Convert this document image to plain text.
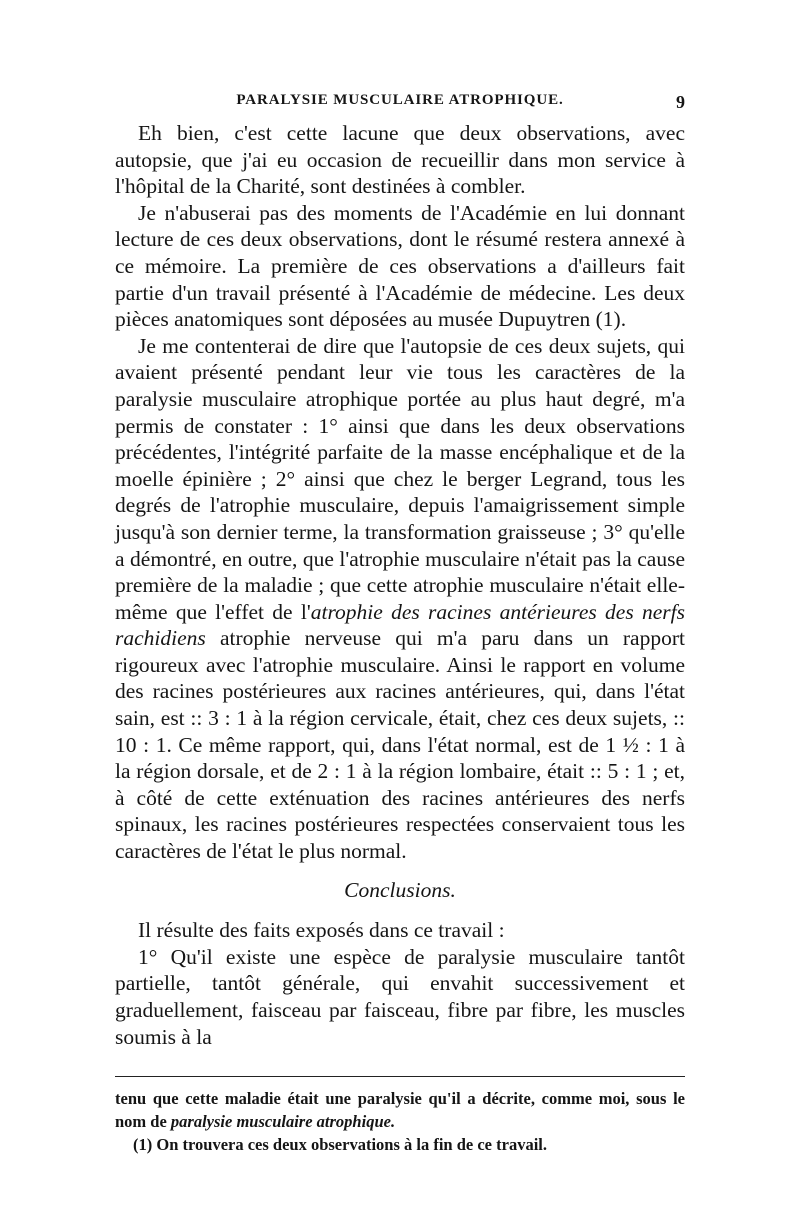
PARALYSIE MUSCULAIRE ATROPHIQUE.	9

Eh bien, c'est cette lacune que deux observations, avec autopsie, que j'ai eu occasion de recueillir dans mon service à l'hôpital de la Charité, sont destinées à combler.

Je n'abuserai pas des moments de l'Académie en lui donnant lecture de ces deux observations, dont le résumé restera annexé à ce mémoire. La première de ces observations a d'ailleurs fait partie d'un travail présenté à l'Académie de médecine. Les deux pièces anatomiques sont déposées au musée Dupuytren (1).

Je me contenterai de dire que l'autopsie de ces deux sujets, qui avaient présenté pendant leur vie tous les caractères de la paralysie musculaire atrophique portée au plus haut degré, m'a permis de constater : 1° ainsi que dans les deux observations précédentes, l'intégrité parfaite de la masse encéphalique et de la moelle épinière ; 2° ainsi que chez le berger Legrand, tous les degrés de l'atrophie musculaire, depuis l'amaigrissement simple jusqu'à son dernier terme, la transformation graisseuse ; 3° qu'elle a démontré, en outre, que l'atrophie musculaire n'était pas la cause première de la maladie ; que cette atrophie musculaire n'était elle-même que l'effet de l'atrophie des racines antérieures des nerfs rachidiens atrophie nerveuse qui m'a paru dans un rapport rigoureux avec l'atrophie musculaire. Ainsi le rapport en volume des racines postérieures aux racines antérieures, qui, dans l'état sain, est :: 3 : 1 à la région cervicale, était, chez ces deux sujets, :: 10 : 1. Ce même rapport, qui, dans l'état normal, est de 1 ½ : 1 à la région dorsale, et de 2 : 1 à la région lombaire, était :: 5 : 1 ; et, à côté de cette exténuation des racines antérieures des nerfs spinaux, les racines postérieures respectées conservaient tous les caractères de l'état le plus normal.

Conclusions.

Il résulte des faits exposés dans ce travail :

1° Qu'il existe une espèce de paralysie musculaire tantôt partielle, tantôt générale, qui envahit successivement et graduellement, faisceau par faisceau, fibre par fibre, les muscles soumis à la

tenu que cette maladie était une paralysie qu'il a décrite, comme moi, sous le nom de paralysie musculaire atrophique.

(1) On trouvera ces deux observations à la fin de ce travail.
